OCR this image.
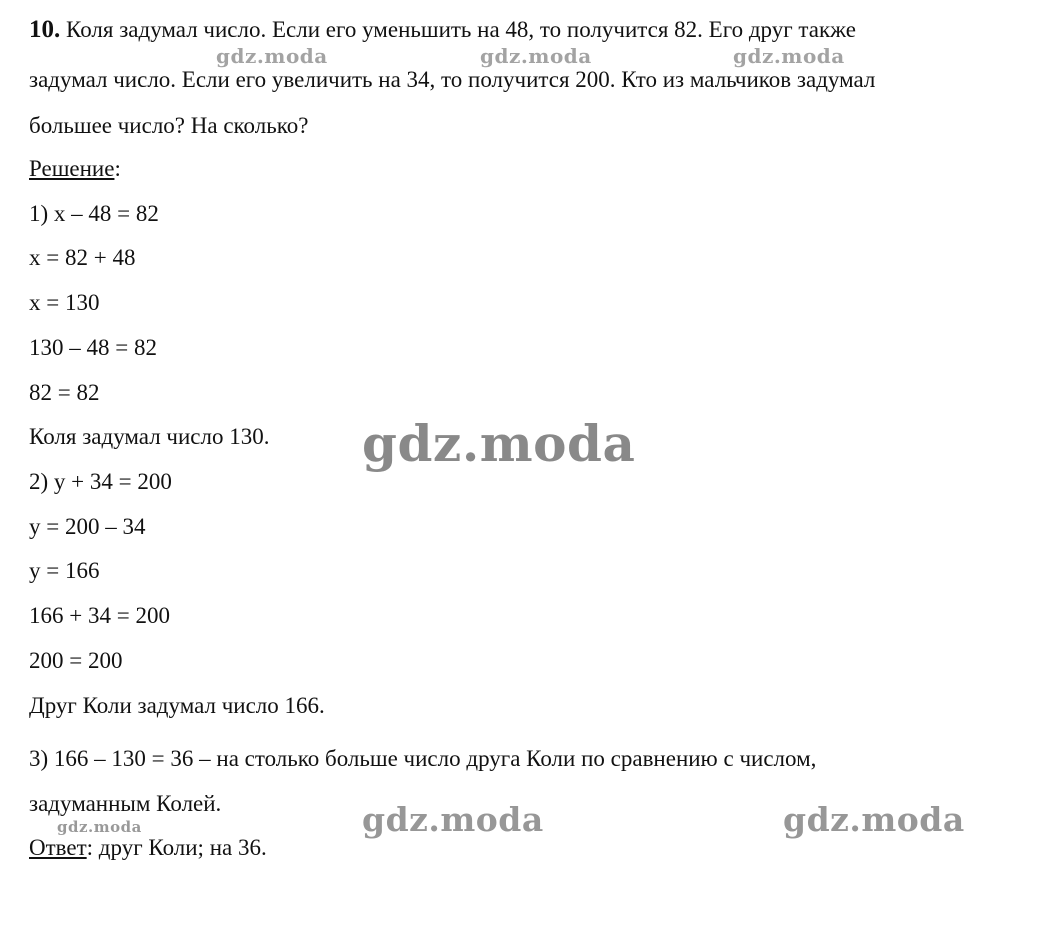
10. Коля задумал число. Если его уменьшить на 48, то получится 82. Его друг также
задумал число. Если его увеличить на 34, то получится 200. Кто из мальчиков задумал
большее число? На сколько?
Решение:
1) x – 48 = 82
x = 82 + 48
x = 130
130 – 48 = 82
82 = 82
Коля задумал число 130.
2) y + 34 = 200
y = 200 – 34
y = 166
166 + 34 = 200
200 = 200
Друг Коли задумал число 166.
3) 166 – 130 = 36 – на столько больше число друга Коли по сравнению с числом,
задуманным Колей.
Ответ: друг Коли; на 36.
gdz.moda	gdz.moda	gdz.moda
gdz.moda
gdz.moda	gdz.moda
gdz.moda
